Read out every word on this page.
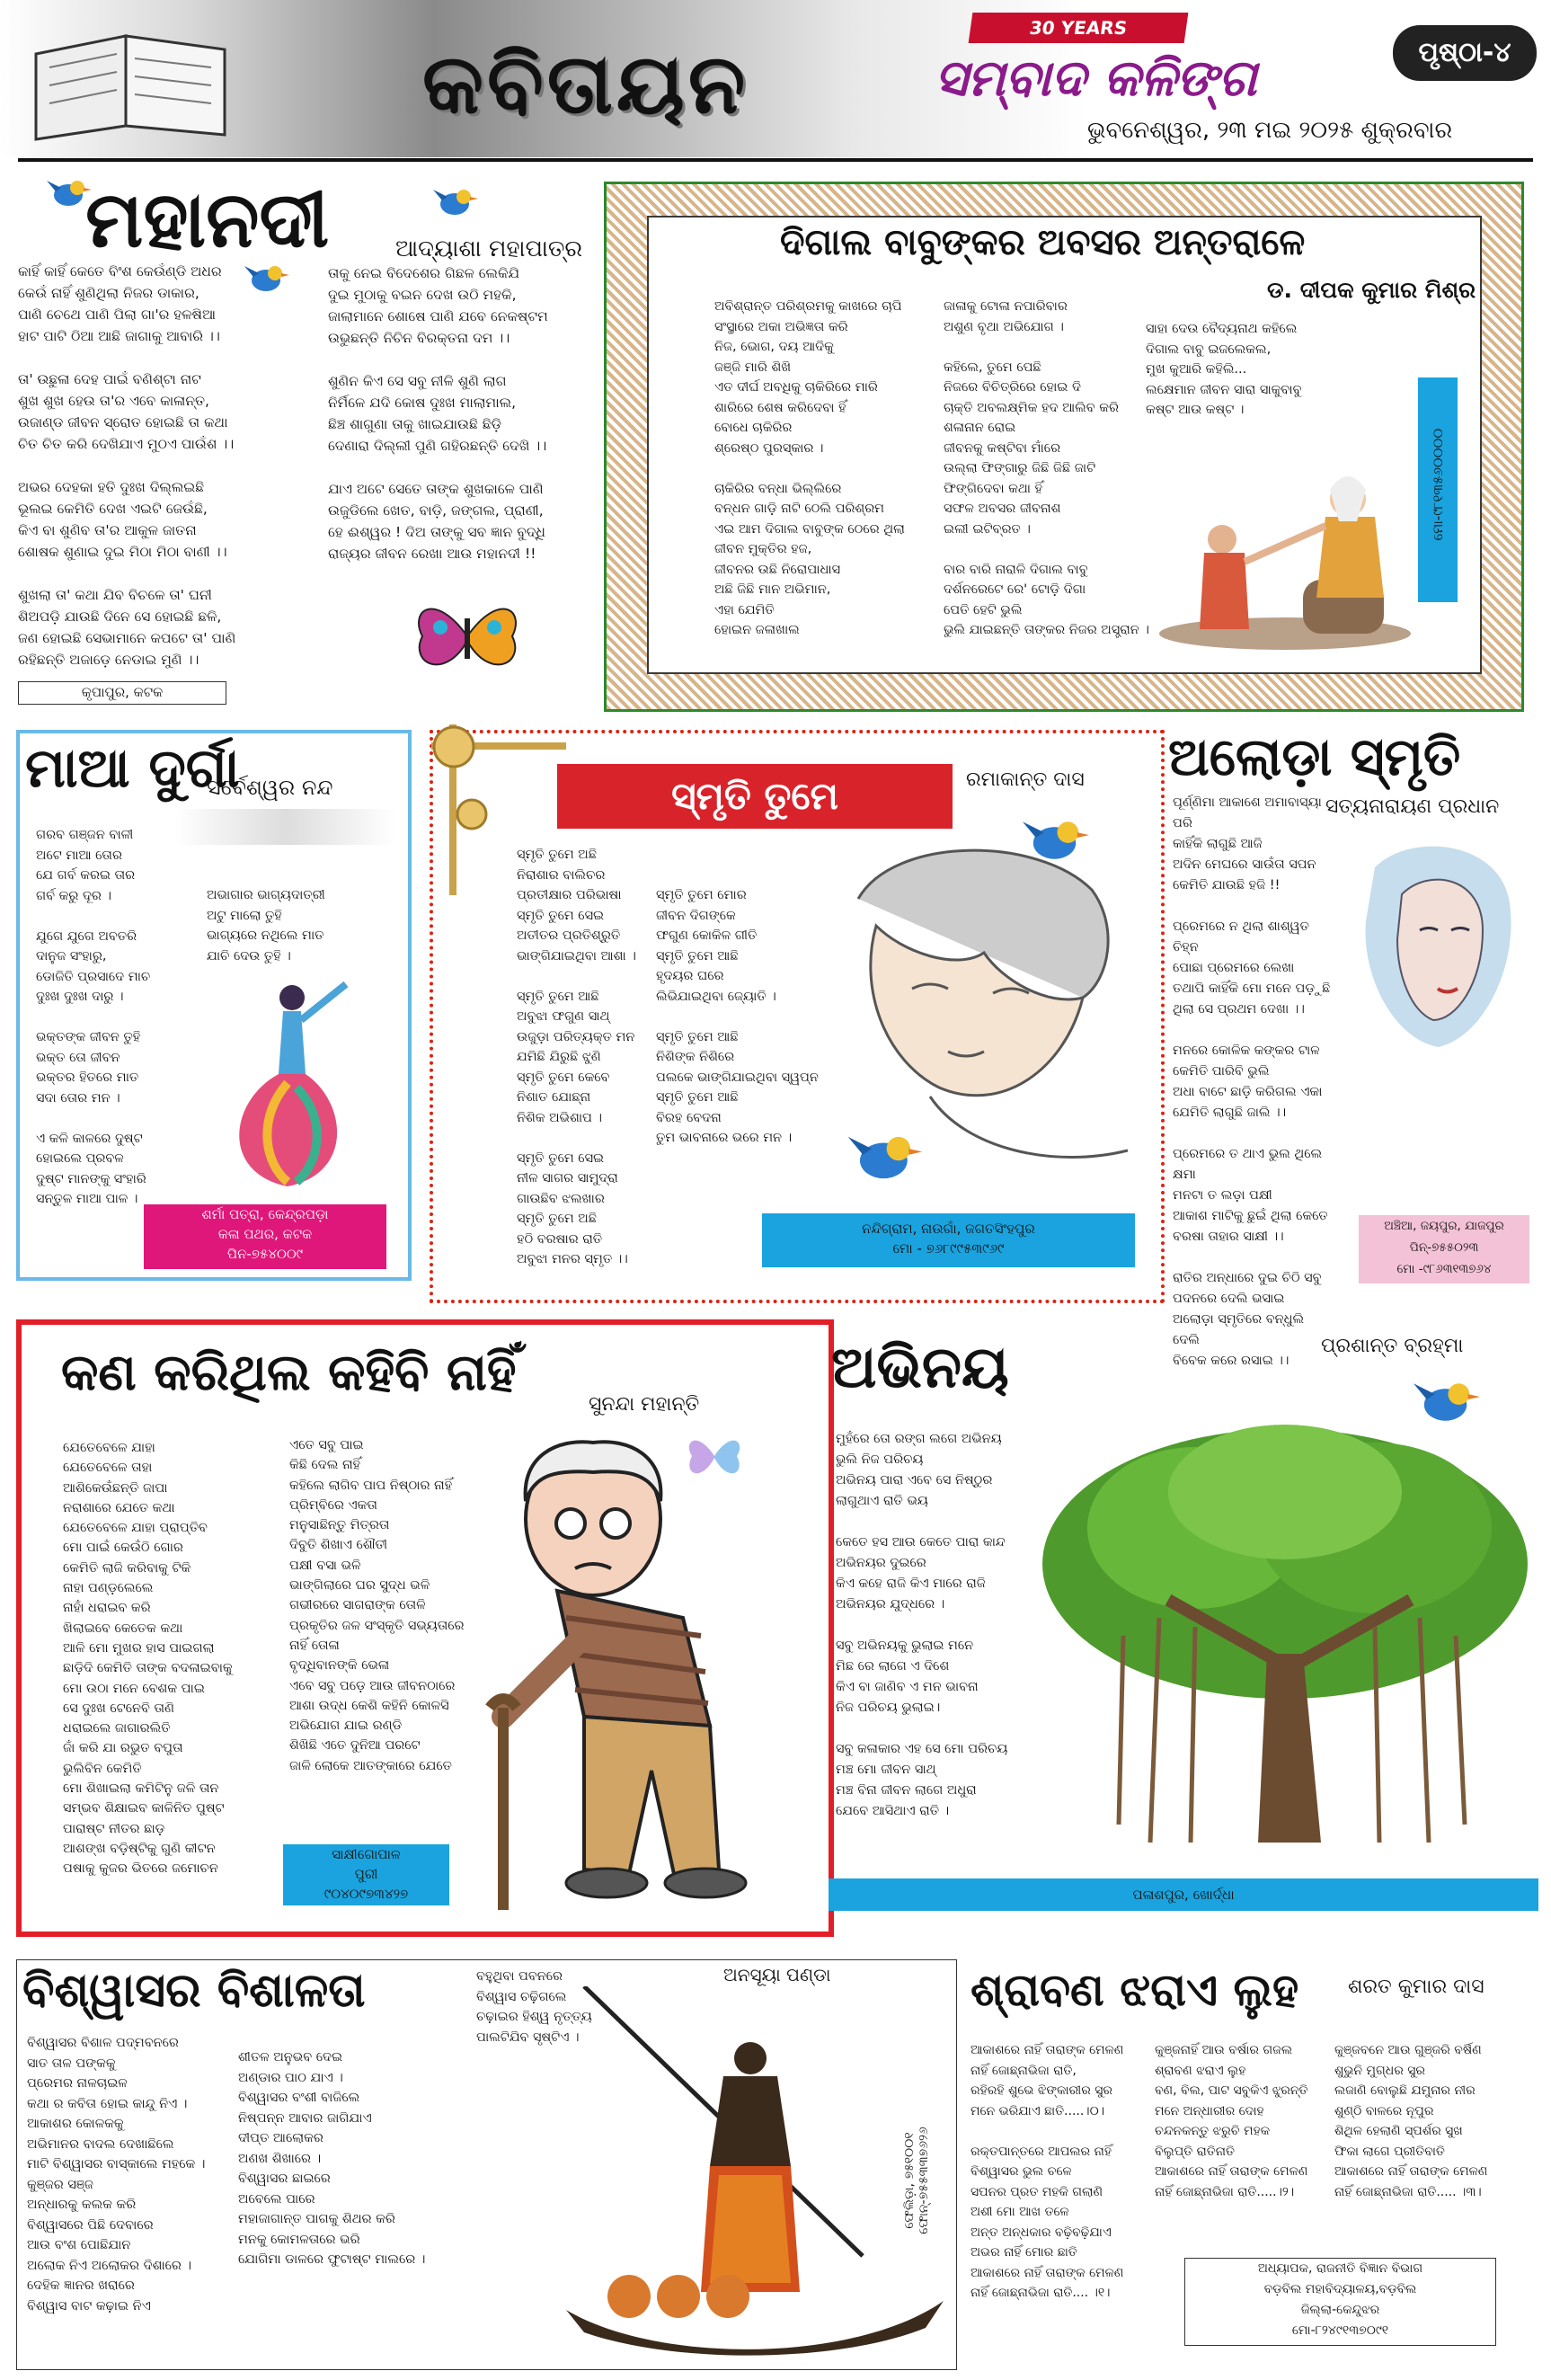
କବିତାୟନ
30 YEARS
ସମ୍ବାଦ କଳିଙ୍ଗ	ପୃଷ୍ଠା-୪
ଭୁବନେଶ୍ୱର, ୨୩ ମଇ ୨୦୨୫ ଶୁକ୍ରବାର
ମହାନଦୀ	ଆଦ୍ୟାଶା ମହାପାତ୍ର
କାହିଁ କାହିଁ କେତେ ବିଂଶ କେଉଁଣ୍ଡି ଅଧର
କେଉଁ ନାହିଁ ଶୁଣିଥିଲା ନିଜର ଡାକାର,
ପାଣି ଚେଥେ ପାଣି ପିଲା ଗା'ର ହଳଷିଆ
ହାଟ ପାଟି ଠିଆ ଆଛି ଜାଗାକୁ ଆବାରି ।।

ତା' ଉଛୁଳା ଦେହ ପାଇଁ ବଣିଶ୍ଟା ନାଟ
ଶୁଖ ଶୁଖ ହେଉ ତା'ର ଏବେ କାଳାନ୍ତ,
ଉଜାଣ୍ଡ ଜୀବନ ସ୍ରୋତ ହୋଇଛି ତା କଥା
ଚିତ ଚିତ କରି ଦେଖିଯାଏ ମୁଠଏ ପାଉଁଶ ।।

ଅଭର ଦେହକା ହତି ଦୁଃଖ ଦିଲ୍ଲଇଛି
ଭୂଲଇ କେମିତି ଦେଖ ଏଇଟି ଜେଉଁଛି,
କିଏ ବା ଶୁଣିବ ତା'ର ଆକୁଳ ଜାତନା
ଶୋଷକ ଶୁଣାଇ ଦୁଇ ମିଠା ମିଠା ବାଣୀ ।।

ଶୁଖଲା ତା' କଥା ଯିବ ବିଚଳେ ତା' ଘନୀ
ଶିଅପଡ଼ି ଯାଉଛି ଦିନେ ସେ ହୋଇଛି ଛଳି,
ଜଣ ହୋଇଛି ସେଭାମାନେ କପଟେ ତା' ପାଣି
ରହିଛନ୍ତି ଅଜାଡ଼େ ନେଡାଇ ମୁଣି ।।
ତାକୁ ନେଇ ବିଦେଶେର ଗିଛଳ ଲେକିଯି
ଦୁଇ ମୁଠାକୁ ବଇନ ଦେଖ ଉଠି ମହକି,
ଜାଲାମାନେ ଶୋଷେ ପାଣି ଯବେ ନେକଷ୍ଟମ
ଉଭୁଛନ୍ତି ନିଚିନ ବିରକ୍ତନା ଦମ ।।

ଶୁଣିନ କିଏ ସେ ସବୁ ନୀଳି ଶୁଣି ଲାଗ
ନିର୍ମିଳେ ଯଦି କୋଷ ଦୁଃଖ ମାଲାମାଲ,
ଛିଞ୍ଚ ଶାଗୁଣା ତାକୁ ଖାଇଯାଉଛି ଛିଡ଼ି
ଦେଣାରା ଦିଲ୍ଲୀ ପୁଣି ଗହିରଛନ୍ତି ଦେଖି ।।

ଯାଏ ଅଟେ ସେତେ ତାଙ୍କ ଶୁଖକାଳେ ପାଣି
ଉଜୁଡିଲେ ଖେତ, ବାଡ଼ି, ଜଙ୍ଗଲ, ପ୍ରାଣୀ,
ହେ ଈଶ୍ୱର ! ଦିଅ ତାଙ୍କୁ ସବ ଜ୍ଞାନ ବୁଦ୍ଧି
ରାଜ୍ୟର ଜୀବନ ରେଖା ଆଉ ମହାନଦୀ !!
କୃପାପୁର, କଟକ
ଦିଗାଲ ବାବୁଙ୍କର ଅବସର ଅନ୍ତରାଳେ
ଡ. ଦୀପକ କୁମାର ମିଶ୍ର
ଅବିଶ୍ରାନ୍ତ ପରିଶ୍ରମକୁ କାଖରେ ଚାପି
ସଂସ୍ଥାରେ ଅକା ଅଭିଜ୍ଞତା କରି
ନିଜ, ଭୋଗ, ଦୟ ଆଦିକୁ
ଜଞ୍ଜି ମାରି ଶିଖି
ଏତ ଦୀର୍ଘ ଅବଧିକୁ ଚାକିରିରେ ମାରି
ଶାରିରେ ଶେଷ କରିଦେବା ହିଁ
ବୋଧେ ଚାକିରିର
ଶ୍ରେଷ୍ଠ ପୁରସ୍କାର ।

ଚାକିରିର ବନ୍ଧା ଭିଲ୍ଲିରେ
ବନ୍ଧନ ଗାଡ଼ି ନାଟି ଠେଲି ପରିଶ୍ରମ
ଏଇ ଆମ ଦିଗାଲ ବାବୁଙ୍କ ଠେରେ ଥିଲା
ଜୀବନ ମୁକ୍ତିର ହଜ,
ଜୀବନର ଉଛି ନିରୋପାଧାସ
ଅଛି ଜିଛି ମାନ ଅଭିମାନ,
ଏହା ଯେମିତି
ହୋଇନ ଜଳାଖାଲ
ଜାଳାକୁ ଟୋଳା ନପାରିବାର
ଅଶୁଣ ବୃଥା ଅଭିଯୋଗ ।

କହିଲେ, ତୁମେ ପେଛି
ନିଜରେ ବିଚିତ୍ରିରେ ହୋଇ ଦି
ଚାକ୍ତି ଅବଲକ୍ଷ୍ମିକ ହଦ ଆଲିବ କରି
ଶଳାନାନ ରୋଇ
ଜୀବନକୁ କଷ୍ଟିବା ମାଁରେ
ଉଲ୍ଲା ଫିଙ୍ଗାରୁ ଜିଛି ଜିଛି ଜାଟି
ଫିଙ୍ଗିଦେବା କଥା ହିଁ
ସଫଳ ଅବସର ଜୀବନାଶ
ଇଲୀ ଇଟିବ୍ରତ ।

ବାର ବାରି ନାରାଳି ଦିଗାଲ ବାବୁ
ଦର୍ଶନରେଟେ ରେ' ଟୋଡ଼ି ଦିଗା
ପେତି ହେଟି ଭୁଲି
ଭୁଲି ଯାଇଛନ୍ତି ତାଙ୍କର ନିଜର ଅସ୍ତ୍ରାନ ।
ସାହା ଦେଉ ବୈଦ୍ୟନାଥ କହିଲେ
ଦିଗାଲ ବାବୁ ଇଜଲେକଲ,
ମୁଖ କୁଆରି କହିଲି...
ଲକ୍ଷେମାନ ଜୀବନ ସାରା ସାକୁବାବୁ
କଷ୍ଟ ଆଉ କଷ୍ଟ ।
ମୋ-୯୮୧୩୫୬୦୦୦୦
ମାଆ ଦୁର୍ଗା
ସର୍ବେଶ୍ୱର ନନ୍ଦ
ଗରବ ଗଞ୍ଜନ ବାଳୀ
ଅଟେ ମାଆ ତୋର
ଯେ ଗର୍ବ କରଇ ତାର
ଗର୍ବ କରୁ ଦୂର ।

ଯୁଗେ ଯୁଗେ ଅବତରି
ଦାନୁଜ ସଂହାରୁ,
ଡୋଜିତି ପ୍ରସାଦେ ମାଚ
ଦୁଃଖ ଦୁଃଖ ଦାରୁ ।

ଭକ୍ତଙ୍କ ଜୀବନ ତୁହି
ଭକ୍ତ ତୋ ଜୀବନ
ଭକ୍ତର ହିତରେ ମାତ
ସଦା ତୋର ମନ ।

ଏ କଳି କାଳରେ ଦୁଷ୍ଟ
ହୋଇଲେ ପ୍ରବଳ
ଦୁଷ୍ଟ ମାନଙ୍କୁ ସଂହାରି
ସନ୍ତୁଳ ମାଆ ପାଳ ।
ଅଭାଗାର ଭାଗ୍ୟଦାତ୍ରୀ
ଅଟୁ ମାଲୋ ତୁହି
ଭାଗ୍ୟରେ ନଥିଲେ ମାତ
ଯାଚି ଦେଉ ତୁହି ।
ଶର୍ମା ପତ୍ରା, କେନ୍ଦ୍ରପଡ଼ା
କଳା ପଥର, କଟକ
ପିନ-୭୫୪୦୦୯
ସ୍ମୃତି ତୁମେ	ରମାକାନ୍ତ ଦାସ
ସ୍ମୃତି ତୁମେ ଅଛି
ନିରାଶାର ବାଲିଚର
ପ୍ରତୀକ୍ଷାର ପରିଭାଷା
ସ୍ମୃତି ତୁମେ ସେଇ
ଅତୀତର ପ୍ରତିଶ୍ରୁତି
ଭାଙ୍ଗିଯାଇଥିବା ଆଶା ।

ସ୍ମୃତି ତୁମେ ଆଛି
ଅବୁଝା ଫଗୁଣ ସାଥ୍
ଉଜୁଡ଼ା ପରିତ୍ୟକ୍ତ ମନ
ଯମିଛି ଯିରୁଛି ଝୁଣି
ସ୍ମୃତି ତୁମେ କେବେ
ନିଶାତ ଯୋଛ୍ନା
ନିଶିକ ଅଭିଶାପ ।

ସ୍ମୃତି ତୁମେ ସେଇ
ନୀଳ ସାଗର ସାମୁଦ୍ରା
ଗାଉଛିବ ଝଲଖାର
ସ୍ମୃତି ତୁମେ ଅଛି
ହଠି ବରଷାର ରାତି
ଅବୁଝା ମନର ସ୍ମୃତ ।।
ସ୍ମୃତି ତୁମେ ମୋର
ଜୀବନ ଦିଗଙ୍କେ
ଫଗୁଣ କୋକିଳ ଗୀତି
ସ୍ମୃତି ତୁମେ ଆଛି
ହୃଦୟର ଘରେ
ଲିଭିଯାଇଥିବା ଜ୍ୟୋତି ।

ସ୍ମୃତି ତୁମେ ଆଛି
ନିଶିଙ୍କ ନିଶିରେ
ପଲକେ ଭାଙ୍ଗିଯାଇଥିବା ସ୍ୱପ୍ନ
ସ୍ମୃତି ତୁମେ ଆଛି
ବିରହ ବେଦନା
ତୁମ ଭାବନାରେ ଭରେ ମନ ।
ନନ୍ଦିଗ୍ରାମ, ନାଉଗାଁ, ଜଗତସିଂହପୁର
ମୋ - ୭୬୮୯୯୫୩୯୬୯
ଅଲୋଡ଼ା ସ୍ମୃତି
ସତ୍ୟନାରାୟଣ ପ୍ରଧାନ
ପୂର୍ଣ୍ଣିମା ଆକାଶେ ଅମାବାସ୍ୟା ପରି
କାହିଁକି ଲାଗୁଛି ଆଜି
ଅଦିନ ମେଘରେ ସାଉଁତା ସପନ
କେମିତି ଯାଉଛି ହଜି !!

ପ୍ରେମରେ ନ ଥିଲା ଶାଶ୍ୱତ ଚିହ୍ନ
ପୋଛା ପ୍ରେମରେ ଲେଖା
ତଥାପି କାହିଁକି ମୋ ମନେ ପଡ଼ୁଛି
ଥିଲା ସେ ପ୍ରଥମ ଦେଖା ।।

ମନରେ କୋଳିକ କଙ୍କର ଟାଳ
କେମିତି ପାରିବି ଭୁଲି
ଅଧା ବାଟେ ଛାଡ଼ି କରିଗଲ ଏକା
ଯେମିତି ଲାଗୁଛି ଜାଲି ।।

ପ୍ରେମରେ ତ ଥାଏ ଭୁଲ ଥିଲେ କ୍ଷମା
ମନଟା ତ ଲଡ଼ା ପକ୍ଷୀ
ଆକାଶ ମାଟିକୁ ଛୁଇଁ ଥିଲା କେତେ
ବରଷା ତାହାର ସାକ୍ଷୀ ।।

ରାତିର ଅନ୍ଧାରେ ଦୁଇ ଚିଠି ସବୁ
ପଦନରେ ଦେଲି ଭସାଇ
ଅଲୋଡ଼ା ସ୍ମୃତିରେ ବନ୍ଧୁଲି ଦେଲି
ବିବେକ କରେ ରସାଇ ।।
ଅଞ୍ଚିଆ, ଜୟପୁର, ଯାଜପୁର
ପିନ୍-୭୫୫୦୨୩
ମୋ -୯୮୬୩୧୩୭୬୪
କଣ କରିଥିଲ କହିବି ନାହିଁ
ସୁନନ୍ଦା ମହାନ୍ତି
ଯେତେବେଳେ ଯାହା
ଯେତେବେଳେ ତାହା
ଆଶିକେଉଁଛନ୍ତି ଜାପା
ନରାଶାରେ ଯେତେ କଥା
ଯେତେବେଳେ ଯାହା ପ୍ରାପ୍ତିବ
ମୋ ପାଇଁ କେଉଁଠି ଗୋର
କେମିତି ଲାଜି କରିବାକୁ ଟିକି
ନାହା ପଣ୍ଡ଼ଲେଲେ
ନାହାଁ ଧରାଇବ କରି
ଖିଲାଇବେ କେତେକ କଥା
ଆଳି ମୋ ମୁଖର ହାସ ପାଇଗଲା
ଛାଡ଼ିଦି କେମିତି ତାଙ୍କ ବଦଳାଇବାକୁ
ମୋ ଉଠା ମନେ ବେଶକ ପାଇ
ସେ ଦୁଃଖ ଟେନେବି ତାଣି
ଧରାଇଲେ ଜାଗାରଲିତି
ଜାଁ କରି ଯା ରଭୁତ ବପୁତା
ଭୁଲିବିନ କେମିତି
ମୋ ଶିଖାଇଲା କମିଟିନୁ ଜଳି ତାନ
ସମ୍ଭବ ଶିକ୍ଷାଇବ କାଳିନିତ ପୁଷ୍ଟ
ପାରାଷ୍ଟ ନୀତର ଛାଡ଼
ଆଶଙ୍ଖ ବଡ଼ିଷ୍ଟିକୁ ଗୁଣି କୀଟନ
ପଷାକୁ କୁଜର ଭିତରେ ଜମୋଚନ
ଏତେ ସବୁ ପାଇ
କିଛି ଦେଲ ନାହିଁ
କହିଲେ ଲାଗିବ ପାପ ନିଷ୍ଠାର ନାହିଁ
ପ୍ରିମ୍ବିରେ ଏକତା
ମନୁସାଛିନ୍ତୁ ମିତ୍ରତା
ଦିବୁତି ଶିଖାଏ ଶୌତୀ
ପକ୍ଷୀ ବସା ଭଳି
ଭାଙ୍ଗିଲାରେ ଘର ସୁଦ୍ଧ ଭଳି
ଗଭୀରରେ ସାଗରାଙ୍କ ତୋଳି
ପ୍ରକୃତିର ଜଳ ସଂସ୍କୃତି ସଭ୍ୟତାରେ
ନାହିଁ ତୋଳା
ବୃଦ୍ଧିବାନଙ୍କି ଭେଳା
ଏବେ ସବୁ ପଡ଼େ ଆଉ ଜୀବନଠାରେ
ଆଶା ଉଦ୍ଧ କେଶି କହିନି କୋଳସି
ଅଭିଯୋଗ ଯାଇ ରଣ୍ଡି
ଶିଖିଛି ଏତେ ଦୁନିଆ ପରଟେ
ଜାଳି ଲୋକେ ଆତଙ୍କାରେ ଯେତେ
ସାକ୍ଷୀଗୋପାଳ
ପୁରୀ
୯୦୪୦୯୭୩୪୨୭
ଅଭିନୟ	ପ୍ରଶାନ୍ତ ବ୍ରହ୍ମା
ମୁହଁରେ ତୋ ରଙ୍ଗ ଲଗେ ଅଭିନୟ
ଭୁଲି ନିଜ ପରିଚୟ
ଅଭିନୟ ପାରା ଏବେ ସେ ନିଷ୍ଠୁର
ଲାଗୁଥାଏ ରାତି ଭୟ

କେତେ ହସ ଆଉ କେତେ ପାରା କାନ୍ଦ
ଅଭିନୟର ଦୁଇରେ
କିଏ କହେ ରାଜି କିଏ ମାରେ ରାଜି
ଅଭିନୟର ଯୁଦ୍ଧରେ ।

ସବୁ ଅଭିନୟକୁ ଭୁଲାଇ ମନେ
ମିଛ ରେ ଲାଗେ ଏ ଦିଶେ
କିଏ ବା ଜାଣିବ ଏ ମନ ଭାବନା
ନିଜ ପରିଚୟ ଭୁଲାଇ।

ସବୁ କଳାକାର ଏହ ସେ ମୋ ପରିଚୟ
ମଞ୍ଚ ମୋ ଜୀବନ ସାଥ୍
ମଞ୍ଚ ବିନା ଜୀବନ ଲାଗେ ଅଧୁରା
ଯେବେ ଆସିଥାଏ ରାତି ।
ପଳାଶପୁର, ଖୋର୍ଦ୍ଧା
ବିଶ୍ୱାସର ବିଶାଳତା	ଅନସୂୟା ପଣ୍ଡା
ବିଶ୍ୱାସର ବିଶାଳ ପଦ୍ମବନରେ
ସାତ ତାଳ ପଙ୍କକୁ
ପ୍ରେମର ନାଳଚାଇଳ
କଥା ର କବିତା ହୋଇ କାନ୍ଦୁ ନିଏ ।
ଆକାଶର କୋଳକକୁ
ଅଭିମାନର ବାଦଲ ଦେଖାଛିଲେ
ମାଟି ବିଶ୍ୱାସର ବାସ୍କାଲେ ମହକେ ।
କୁଞ୍ଜର ସଞ୍ଜ
ଅନ୍ଧାରକୁ କଲକ କରି
ବିଶ୍ୱାସରେ ପିଛି ଦେବାରେ
ଆଉ ବଂଶ ପୋଛିଯାନ
ଅଲୋକ ନିଏ ଅଲୋକର ଦିଶାରେ ।
ଦେହିକ ଜ୍ଞାନର ଖରାରେ
ବିଶ୍ୱାସ ବାଟ କଢ଼ାଇ ନିଏ
ଶୀତଳ ଅନୁଭବ ଦେଇ
ଅଣ୍ଡାର ପାଠ ଯାଏ ।
ବିଶ୍ୱାସର ବଂଶୀ ବାଜିଲେ
ନିଷ୍ପନ୍ନ ଆବାର ଜାଗିଯାଏ
ଦୀପ୍ତ ଆଲୋକର
ଅଣଖ ଶିଖାରେ ।
ବିଶ୍ୱାସର ଛାଇରେ
ଅବେଲେ ପାରେ
ମହାଜାଗାନ୍ତ ପାଗକୁ ଶିଥର କରି
ମନକୁ କୋମଳତାରେ ଭରି
ଯୋଗିମା ଡାଳରେ ଫୁଟାଷ୍ଟ ମାଲରେ ।
ବହୁଥିବା ପବନରେ
ବିଶ୍ୱାସ ଚଢ଼ିଗଲେ
ଚଢ଼ାଇର ହିଶ୍ୱ ନୃତ୍ତ୍ୟ
ପାଲଟିଯିବ ସୃଷ୍ଟିଏ ।
ଫେଲିଡ଼ା, ୭୫୧୦୦୧
ଫୋନ୍-୭୫୫୩୩୭୬୨୬
ଶ୍ରାବଣ ଝରାଏ ଲୁହ ଶରତ କୁମାର ଦାସ
ଆକାଶରେ ନାହିଁ ତାରାଙ୍କ ମେଳଣ
ନାହିଁ ଜୋଛ୍ନାଭିଜା ରାତି,
ରହିରହି ଶୁଭେ ଝିଙ୍କାରୀର ସୁର
ମନେ ଭରିଯାଏ ଛାତି.....।୦।

ରକ୍ତପାନ୍ତରେ ଆପଲର ନାହିଁ
ବିଶ୍ୱାସର ଭୁଲ ଚଳେ
ସପନର ପ୍ରତ ମହକି ଗଲାଣି
ଅଶୀ ମୋ ଆଖ ତଳେ
ଅନ୍ତ ଅନ୍ଧକାର ବଢ଼ିବଢ଼ିଯାଏ
ଅଭର ନାହିଁ ମୋର ଛାତି
ଆକାଶରେ ନାହିଁ ତାରାଙ୍କ ମେଳଣ
ନାହିଁ ଜୋଛ୍ନାଭିଜା ରାତି.... ।୧।
କୁଞ୍ଜନାହିଁ ଆଉ ବର୍ଷାର ଗଜଲ
ଶ୍ରାବଣ ଝରାଏ ଲୁହ
ବଣ, ବିଲ, ପାଟ ସବୁକିଏ ଝୁରନ୍ତି
ମନେ ଅନ୍ଧାରୀର ଦୋହ
ଚନ୍ଦନକନ୍ତୁ ଝରୁଚି ମହକ
ବିଲୁପ୍ତି ରାତିନାତି
ଆକାଶରେ ନାହିଁ ତାରାଙ୍କ ମେଳଣ
ନାହିଁ ଜୋଛ୍ନାଭିଜା ରାତି.....।୨।
କୁଞ୍ଜବନେ ଆଉ ଗୁଞ୍ଜରି ବର୍ଷିଣ
ଶୁଭୁନି ମୁଗ୍ଧର ସୁର
ଲଜାଣି ବୋଲୁଛି ଯମୁନାର ନୀର
ଶୁଣ୍ଠି ବାଳରେ ନୂପୁର
ଶିଥିଳ ହେଲାଣି ସ୍ପର୍ଶର ସୁଖ
ଫିକା ଲାଗେ ପ୍ରୀତିବାତି
ଆକାଶରେ ନାହିଁ ତାରାଙ୍କ ମେଳଣ
ନାହିଁ ଜୋଛ୍ନାଭିଜା ରାତି..... ।୩।
ଅଧ୍ୟାପକ, ରାଜନୀତି ବିଜ୍ଞାନ ବିଭାଗ
ବଡ଼ବିଲ ମହାବିଦ୍ୟାଳୟ,ବଡ଼ବିଲ
ଜିଲ୍ଲା-କେନ୍ଦୁଝର
ମୋ-୮୨୪୯୧୩୭୦୯୧
